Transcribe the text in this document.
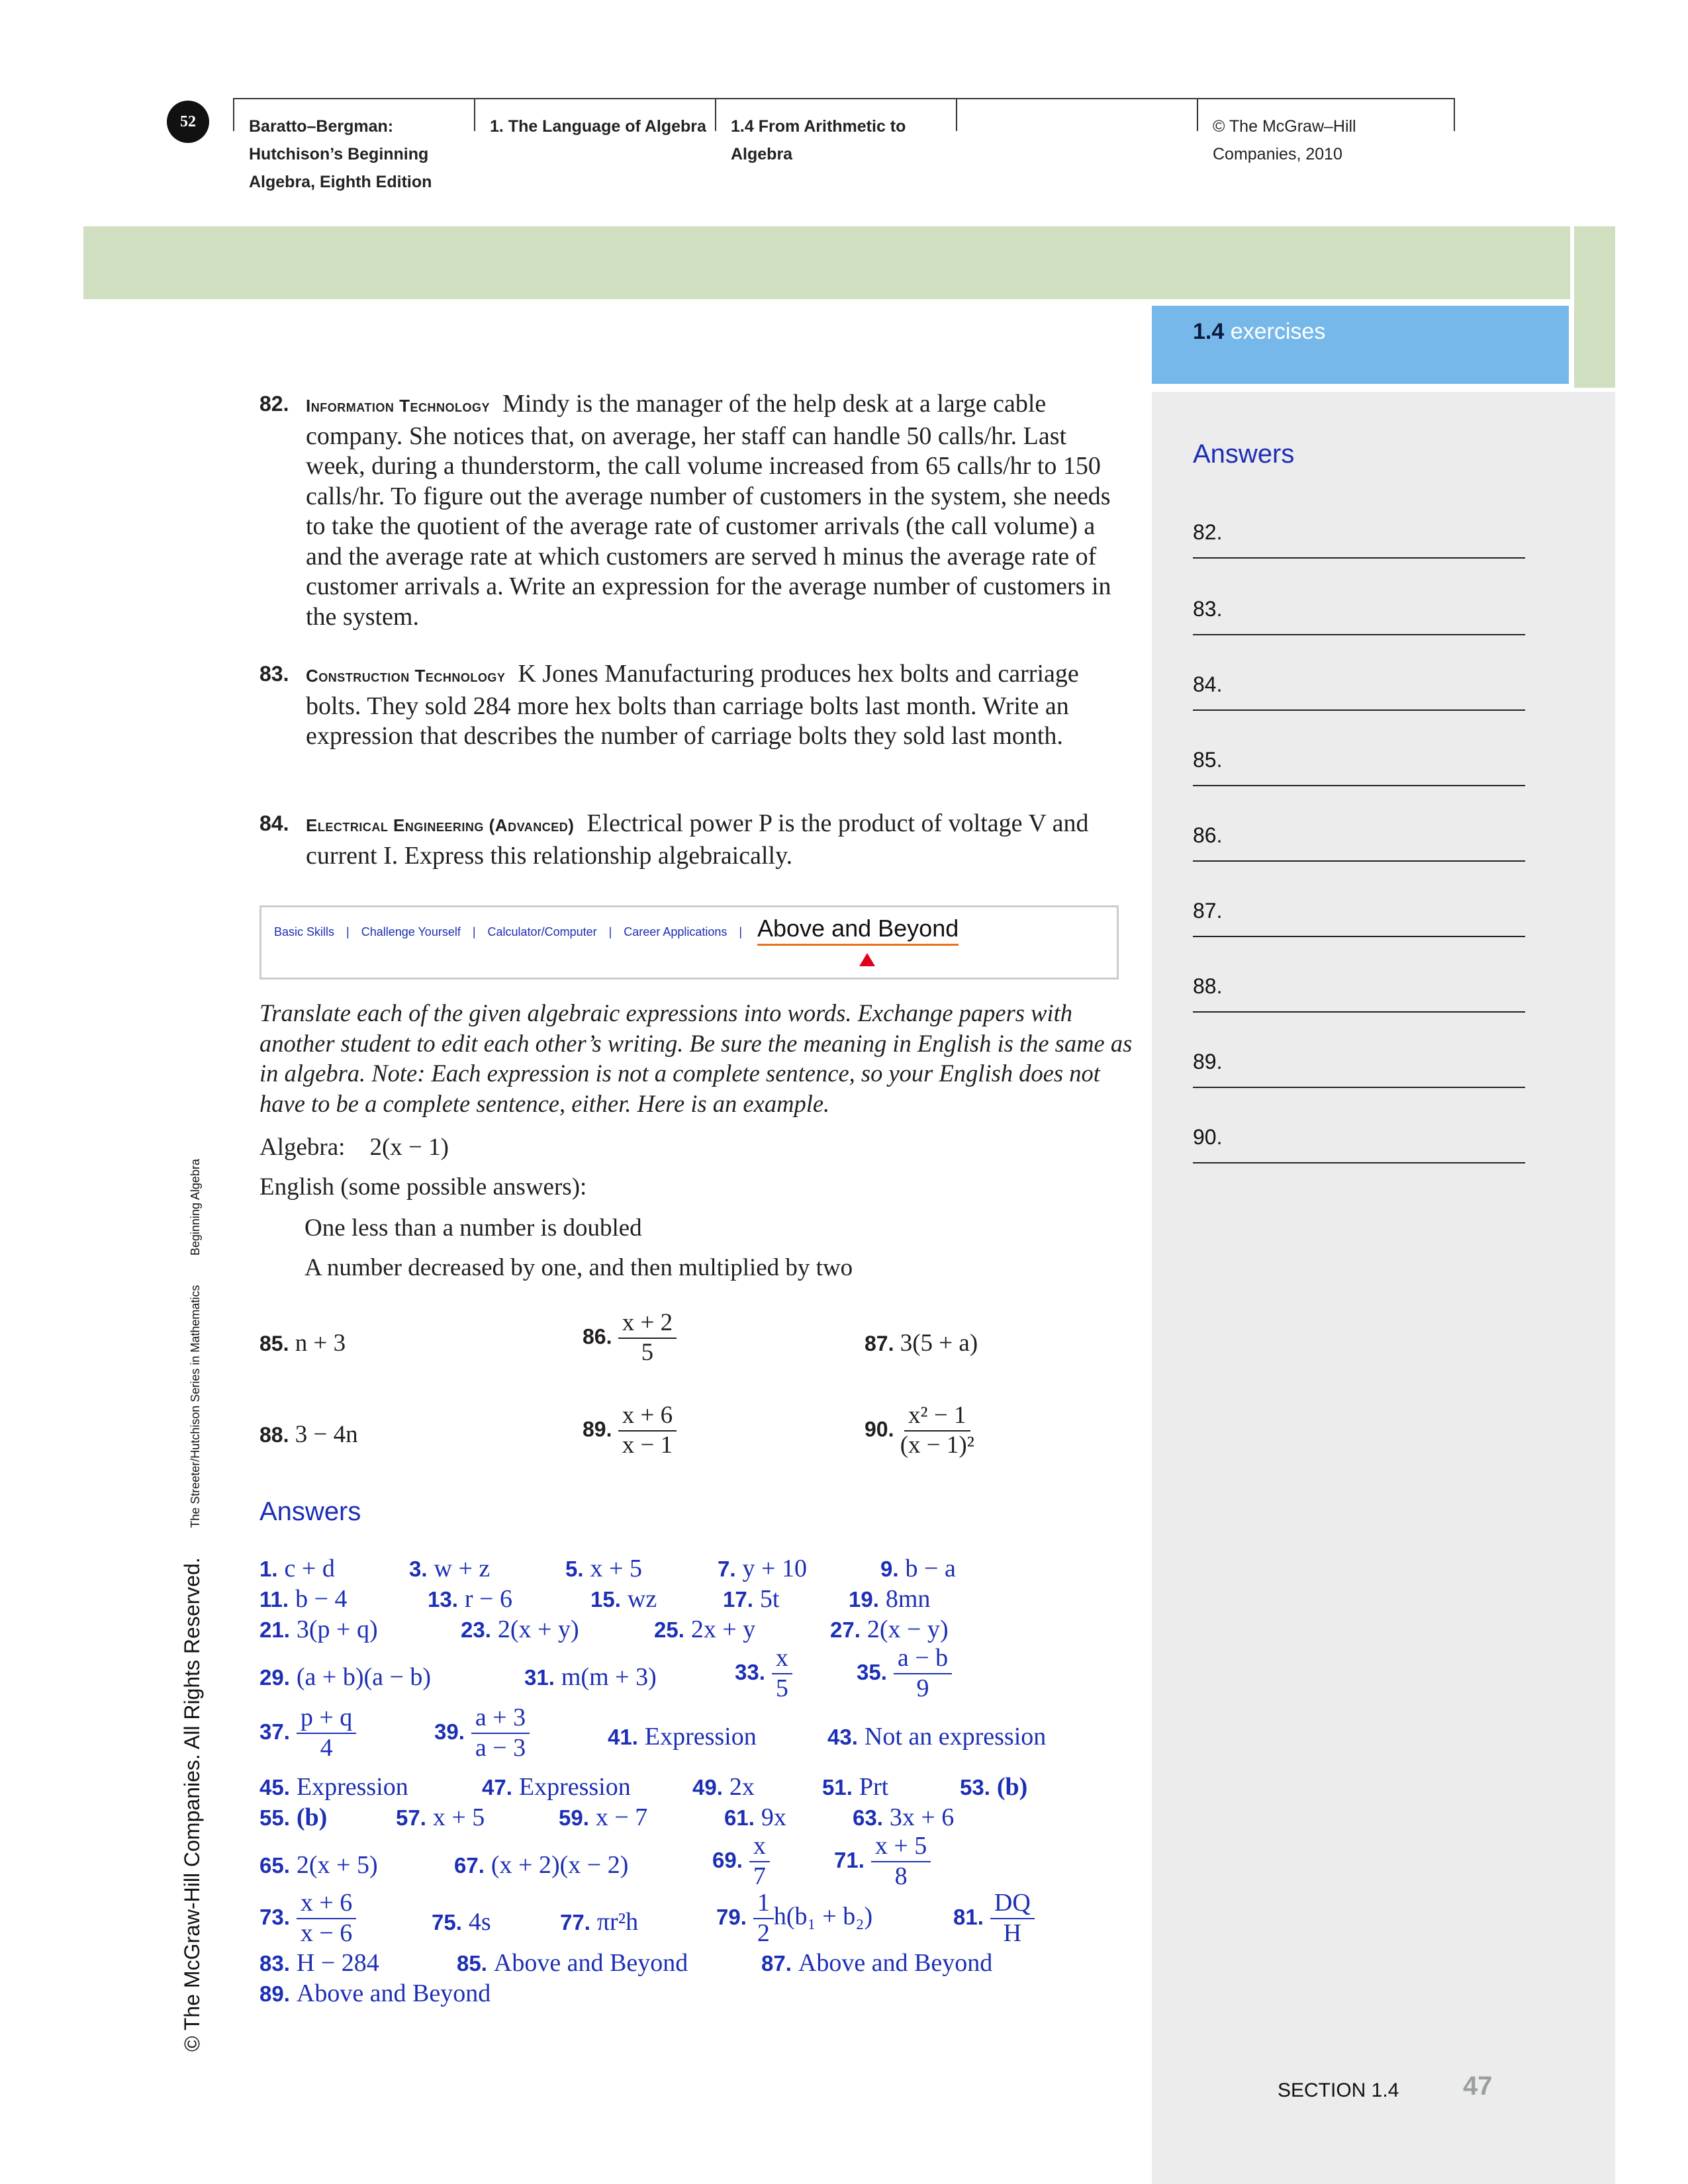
52	Baratto–Bergman:
Hutchison’s Beginning
Algebra, Eighth Edition
1. The Language of Algebra 1.4 From Arithmetic to
Algebra
© The McGraw–Hill
Companies, 2010
1.4 exercises
Answers
82.
83.
84.
85.
86.
87.
88.
89.
90.
82. Information Technology Mindy is the manager of the help desk at a large cable company. She notices that, on average, her staff can handle 50 calls/hr. Last week, during a thunderstorm, the call volume increased from 65 calls/hr to 150 calls/hr. To figure out the average number of customers in the system, she needs to take the quotient of the average rate of customer arrivals (the call volume) a and the average rate at which customers are served h minus the average rate of customer arrivals a. Write an expression for the average number of customers in the system.
83. Construction Technology K Jones Manufacturing produces hex bolts and carriage bolts. They sold 284 more hex bolts than carriage bolts last month. Write an expression that describes the number of carriage bolts they sold last month.
84. Electrical Engineering (Advanced) Electrical power P is the product of voltage V and current I. Express this relationship algebraically.
Basic Skills | Challenge Yourself | Calculator/Computer | Career Applications | Above and Beyond
Translate each of the given algebraic expressions into words. Exchange papers with another student to edit each other’s writing. Be sure the meaning in English is the same as in algebra. Note: Each expression is not a complete sentence, so your English does not have to be a complete sentence, either. Here is an example.
Algebra: 2(x − 1)
English (some possible answers):
One less than a number is doubled
A number decreased by one, and then multiplied by two
85. n + 3	86. $\frac{x + 2}{5}$	87. 3(5 + a)
88. 3 − 4n	89. $\frac{x + 6}{x - 1}$	90. $\frac{\text{x² − 1}}{\text{(x − 1)²}}$
Answers
1. c + d	3. w + z	5. x + 5	7. y + 10	9. b − a
11. b − 4	13. r − 6	15. wz	17. 5t	19. 8mn
21. 3(p + q)	23. 2(x + y)	25. 2x + y	27. 2(x − y)
29. (a + b)(a − b)	31. m(m + 3)	33. $\frac{x}{5}$	35. $\frac{a - b}{9}$
37. $\frac{p + q}{4}$	39. $\frac{a + 3}{a - 3}$	41. Expression	43. Not an expression
45. Expression	47. Expression	49. 2x	51. Prt	53. (b)
55. (b)	57. x + 5	59. x − 7	61. 9x	63. 3x + 6
65. 2(x + 5)	67. (x + 2)(x − 2)	69. $\frac{x}{7}$	71. $\frac{x + 5}{8}$
73. $\frac{x + 6}{x - 6}$	75. 4s	77. πr²h	79. $\frac{1}{2} h(b_1 + b_2)$	81. $\frac{DQ}{H}$
83. H − 284	85. Above and Beyond	87. Above and Beyond
89. Above and Beyond
© The McGraw-Hill Companies. All Rights Reserved. The Streeter/Hutchison Series in Mathematics Beginning Algebra
SECTION 1.4 47
